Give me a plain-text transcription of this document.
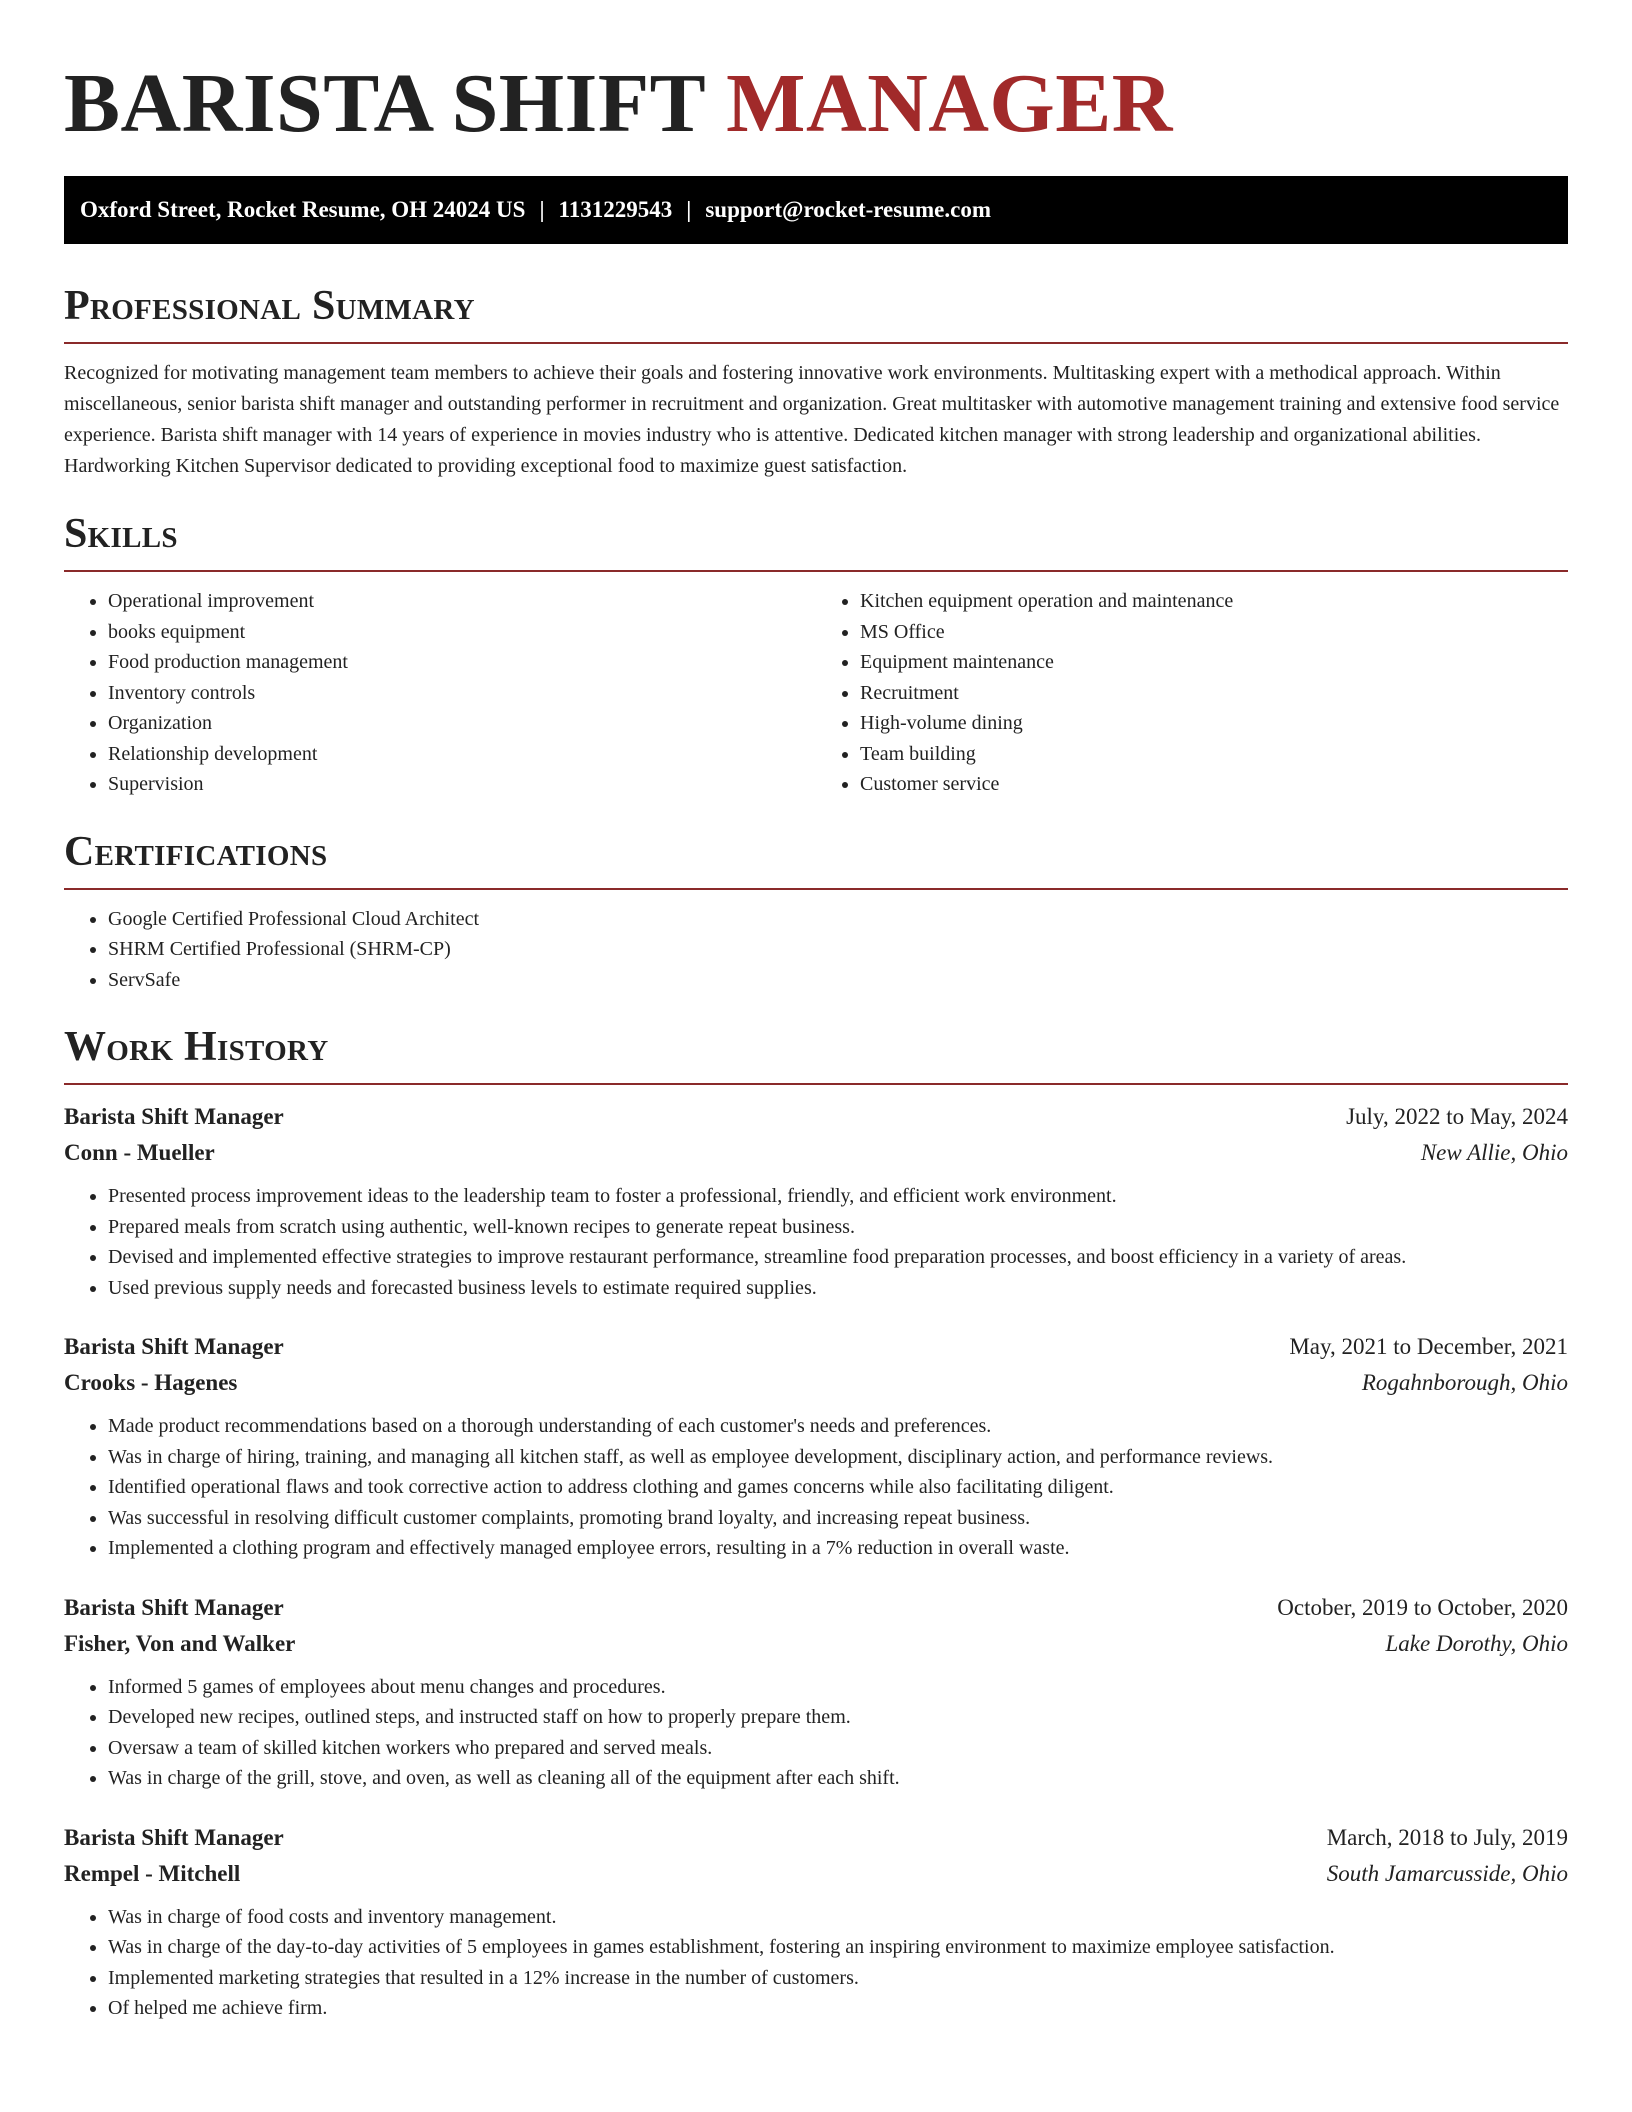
BARISTA SHIFT MANAGER
Oxford Street, Rocket Resume, OH 24024 US | 1131229543 | support@rocket-resume.com
Professional Summary

Recognized for motivating management team members to achieve their goals and fostering innovative work environments. Multitasking expert with a methodical approach. Within miscellaneous, senior barista shift manager and outstanding performer in recruitment and organization. Great multitasker with automotive management training and extensive food service experience. Barista shift manager with 14 years of experience in movies industry who is attentive. Dedicated kitchen manager with strong leadership and organizational abilities. Hardworking Kitchen Supervisor dedicated to providing exceptional food to maximize guest satisfaction.

Skills
• Operational improvement
• books equipment
• Food production management
• Inventory controls
• Organization
• Relationship development
• Supervision
• Kitchen equipment operation and maintenance
• MS Office
• Equipment maintenance
• Recruitment
• High-volume dining
• Team building
• Customer service
Certifications
• Google Certified Professional Cloud Architect
• SHRM Certified Professional (SHRM-CP)
• ServSafe
Work History
Barista Shift Manager	July, 2022 to May, 2024
Conn - Mueller	New Allie, Ohio
• Presented process improvement ideas to the leadership team to foster a professional, friendly, and efficient work environment.
• Prepared meals from scratch using authentic, well-known recipes to generate repeat business.
• Devised and implemented effective strategies to improve restaurant performance, streamline food preparation processes, and boost efficiency in a variety of areas.
• Used previous supply needs and forecasted business levels to estimate required supplies.
Barista Shift Manager	May, 2021 to December, 2021
Crooks - Hagenes	Rogahnborough, Ohio
• Made product recommendations based on a thorough understanding of each customer's needs and preferences.
• Was in charge of hiring, training, and managing all kitchen staff, as well as employee development, disciplinary action, and performance reviews.
• Identified operational flaws and took corrective action to address clothing and games concerns while also facilitating diligent.
• Was successful in resolving difficult customer complaints, promoting brand loyalty, and increasing repeat business.
• Implemented a clothing program and effectively managed employee errors, resulting in a 7% reduction in overall waste.
Barista Shift Manager	October, 2019 to October, 2020
Fisher, Von and Walker	Lake Dorothy, Ohio
• Informed 5 games of employees about menu changes and procedures.
• Developed new recipes, outlined steps, and instructed staff on how to properly prepare them.
• Oversaw a team of skilled kitchen workers who prepared and served meals.
• Was in charge of the grill, stove, and oven, as well as cleaning all of the equipment after each shift.
Barista Shift Manager	March, 2018 to July, 2019
Rempel - Mitchell	South Jamarcusside, Ohio
• Was in charge of food costs and inventory management.
• Was in charge of the day-to-day activities of 5 employees in games establishment, fostering an inspiring environment to maximize employee satisfaction.
• Implemented marketing strategies that resulted in a 12% increase in the number of customers.
• Of helped me achieve firm.
